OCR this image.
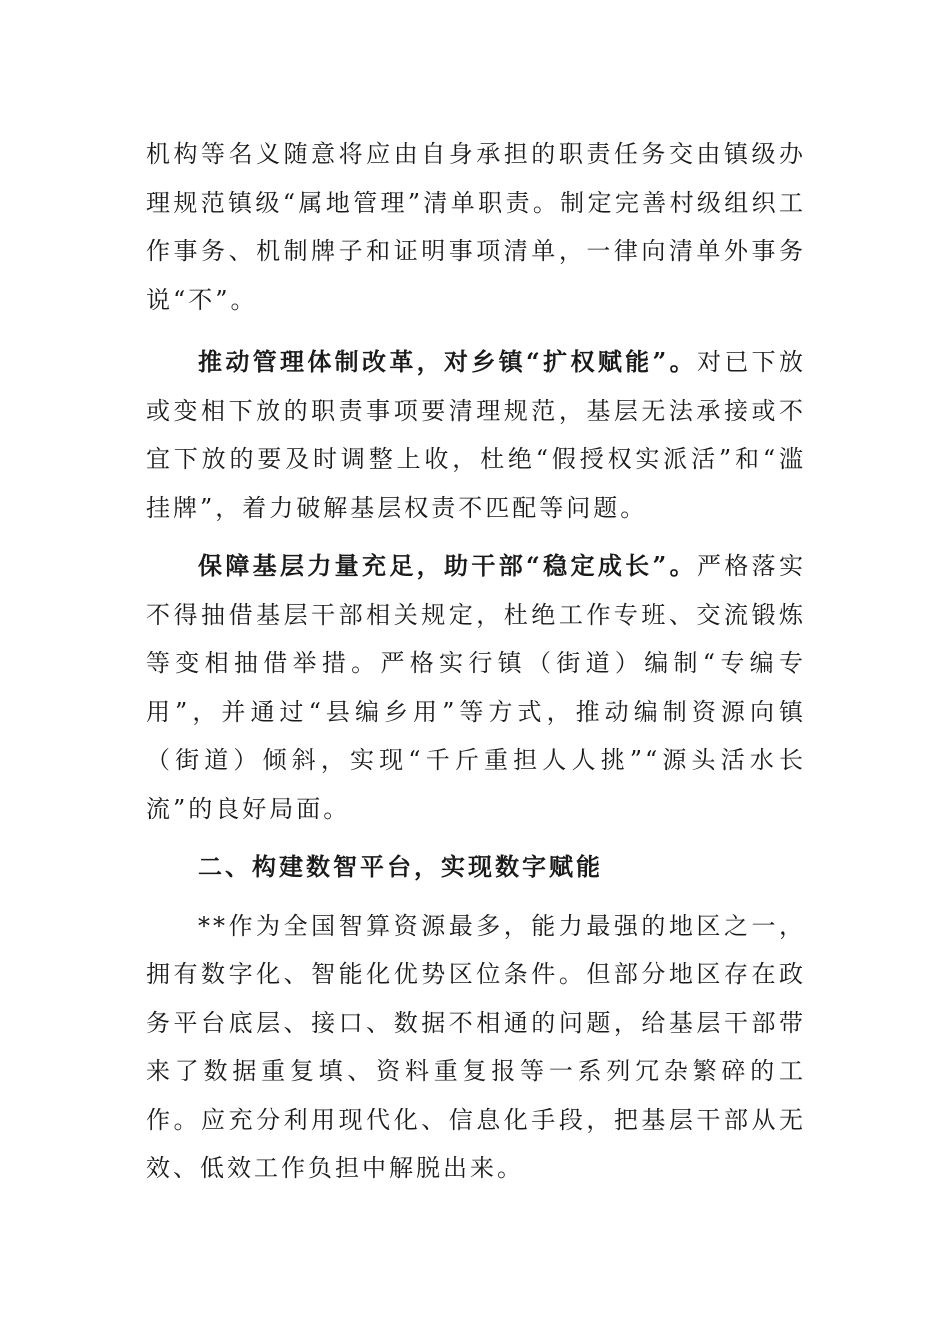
机构等名义随意将应由自身承担的职责任务交由镇级办理规范镇级“属地管理”清单职责。制定完善村级组织工作事务、机制牌子和证明事项清单，一律向清单外事务说“不”。

推动管理体制改革，对乡镇“扩权赋能”。对已下放或变相下放的职责事项要清理规范，基层无法承接或不宜下放的要及时调整上收，杜绝“假授权实派活”和“滥挂牌”，着力破解基层权责不匹配等问题。

保障基层力量充足，助干部“稳定成长”。严格落实不得抽借基层干部相关规定，杜绝工作专班、交流锻炼等变相抽借举措。严格实行镇（街道）编制“专编专用”，并通过“县编乡用”等方式，推动编制资源向镇（街道）倾斜，实现“千斤重担人人挑”“源头活水长流”的良好局面。

二、构建数智平台，实现数字赋能

**作为全国智算资源最多，能力最强的地区之一，拥有数字化、智能化优势区位条件。但部分地区存在政务平台底层、接口、数据不相通的问题，给基层干部带来了数据重复填、资料重复报等一系列冗杂繁碎的工作。应充分利用现代化、信息化手段，把基层干部从无效、低效工作负担中解脱出来。
